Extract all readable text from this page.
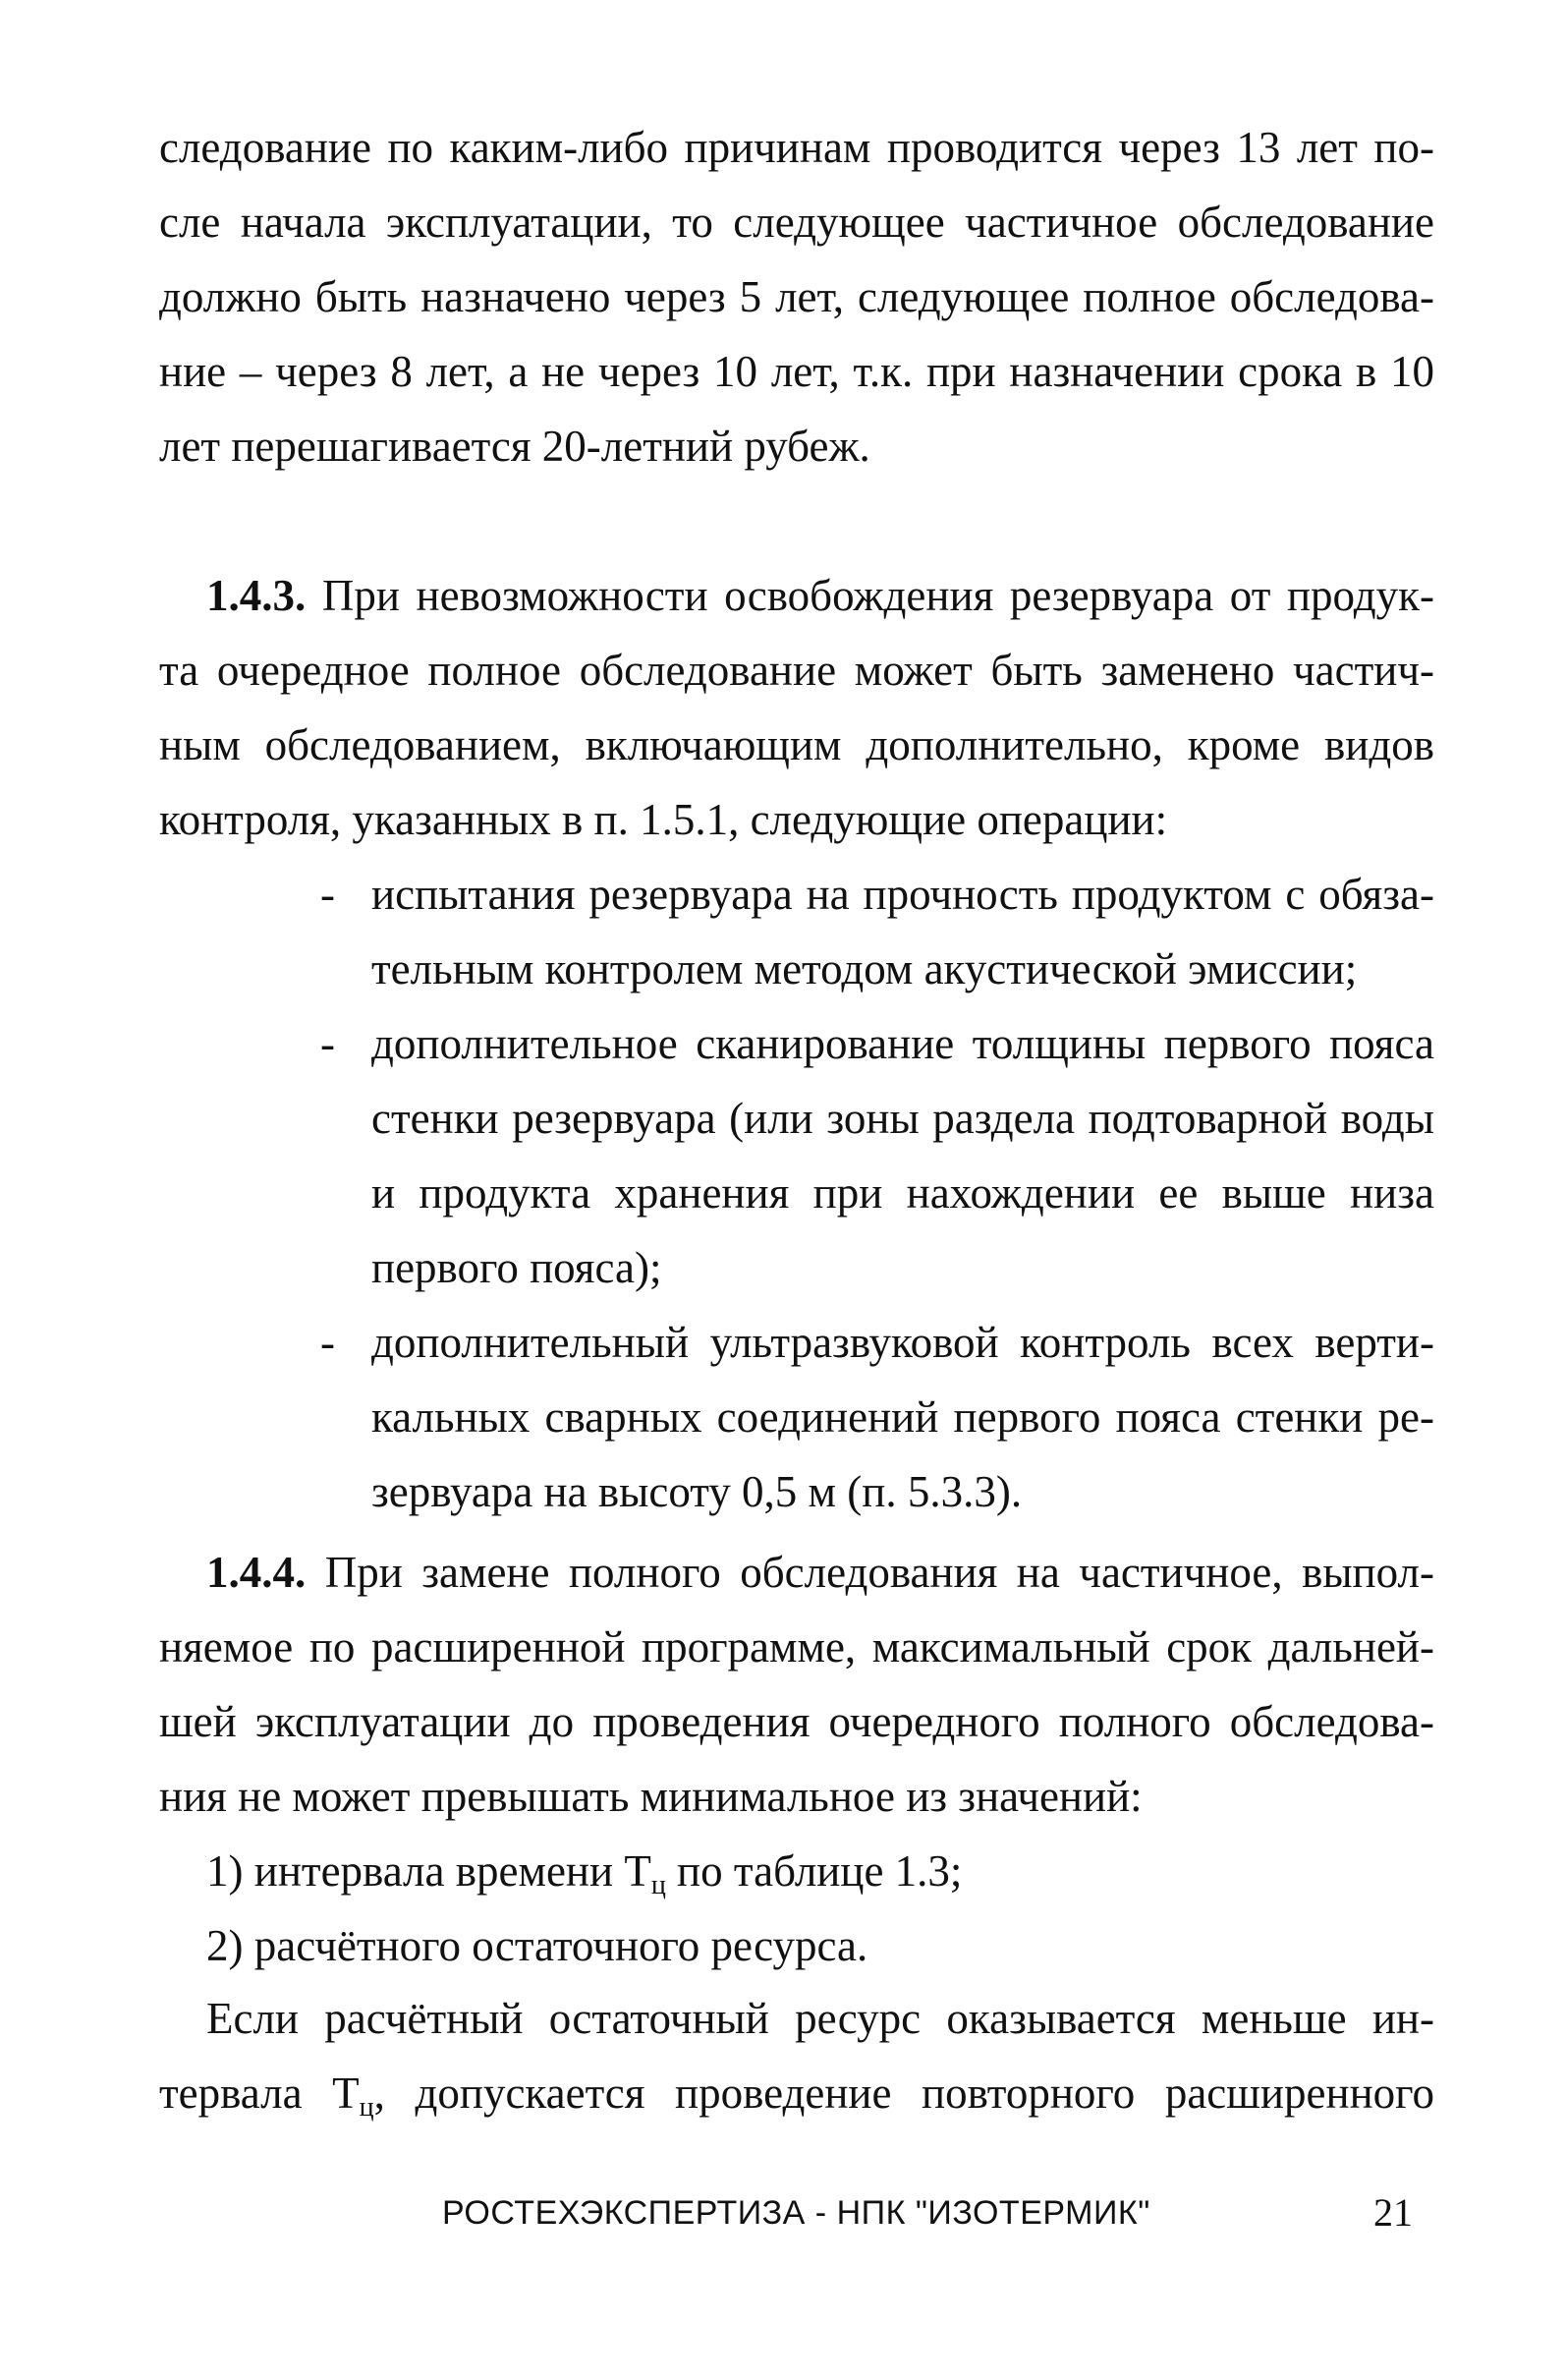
следование по каким-либо причинам проводится через 13 лет по-
сле начала эксплуатации, то следующее частичное обследование
должно быть назначено через 5 лет, следующее полное обследова-
ние – через 8 лет, а не через 10 лет, т.к. при назначении срока в 10
лет перешагивается 20-летний рубеж.
1.4.3. При невозможности освобождения резервуара от продук-
та очередное полное обследование может быть заменено частич-
ным обследованием, включающим дополнительно, кроме видов
контроля, указанных в п. 1.5.1, следующие операции:
- испытания резервуара на прочность продуктом с обяза-
тельным контролем методом акустической эмиссии;
- дополнительное сканирование толщины первого пояса
стенки резервуара (или зоны раздела подтоварной воды
и продукта хранения при нахождении ее выше низа
первого пояса);
- дополнительный ультразвуковой контроль всех верти-
кальных сварных соединений первого пояса стенки ре-
зервуара на высоту 0,5 м (п. 5.3.3).
1.4.4. При замене полного обследования на частичное, выпол-
няемое по расширенной программе, максимальный срок дальней-
шей эксплуатации до проведения очередного полного обследова-
ния не может превышать минимальное из значений:
1) интервала времени $Т_ц$ по таблице 1.3;
2) расчётного остаточного ресурса.
Если расчётный остаточный ресурс оказывается меньше ин-
тервала $Т_ц$, допускается проведение повторного расширенного
РОСТЕХЭКСПЕРТИЗА - НПК "ИЗОТЕРМИК"	21
